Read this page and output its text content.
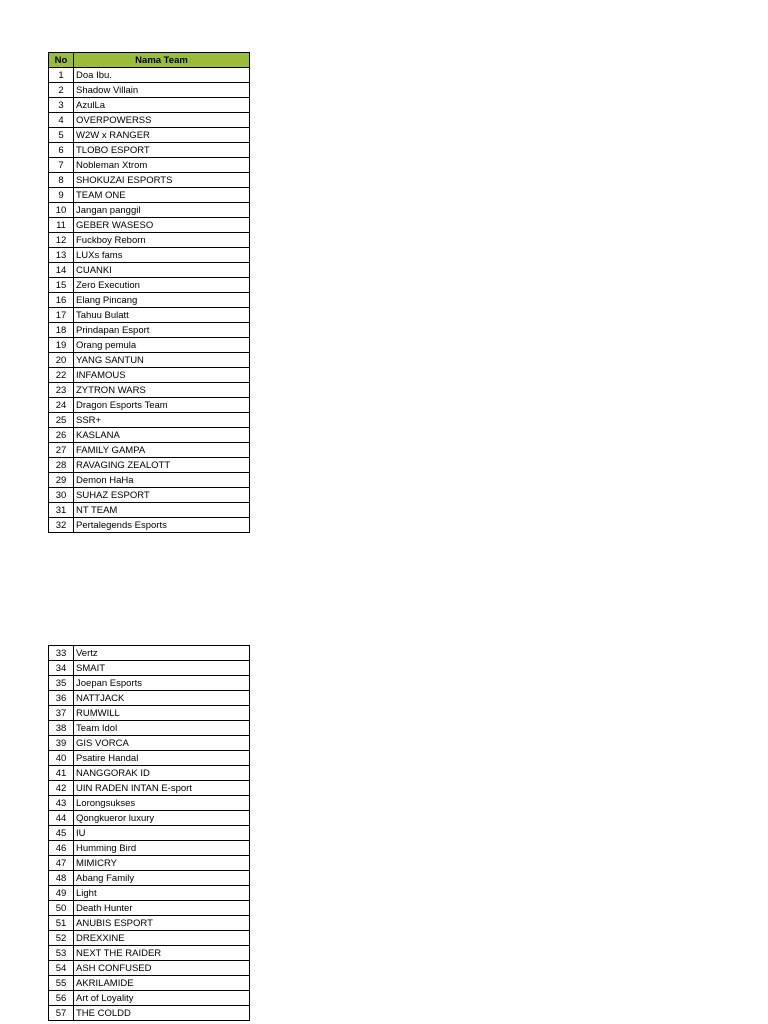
No	Nama Team
1	Doa Ibu.
2	Shadow Villain
3	AzulLa
4	OVERPOWERSS
5	W2W x RANGER
6	TLOBO ESPORT
7	Nobleman Xtrom
8	SHOKUZAI ESPORTS
9	TEAM ONE
10	Jangan panggil
11	GEBER WASESO
12	Fuckboy Reborn
13	LUXs fams
14	CUANKI
15	Zero Execution
16	Elang Pincang
17	Tahuu Bulatt
18	Prindapan Esport
19	Orang pemula
20	YANG SANTUN
22	INFAMOUS
23	ZYTRON WARS
24	Dragon Esports Team
25	SSR+
26	KASLANA
27	FAMILY GAMPA
28	RAVAGING ZEALOTT
29	Demon HaHa
30	SUHAZ ESPORT
31	NT TEAM
32	Pertalegends Esports
33	Vertz
34	SMAIT
35	Joepan Esports
36	NATTJACK
37	RUMWILL
38	Team Idol
39	GIS VORCA
40	Psatire Handal
41	NANGGORAK ID
42	UIN RADEN INTAN E-sport
43	Lorongsukses
44	Qongkueror luxury
45	IU
46	Humming Bird
47	MIMICRY
48	Abang Family
49	Light
50	Death Hunter
51	ANUBIS ESPORT
52	DREXXINE
53	NEXT THE RAIDER
54	ASH CONFUSED
55	AKRILAMIDE
56	Art of Loyality
57	THE COLDD
